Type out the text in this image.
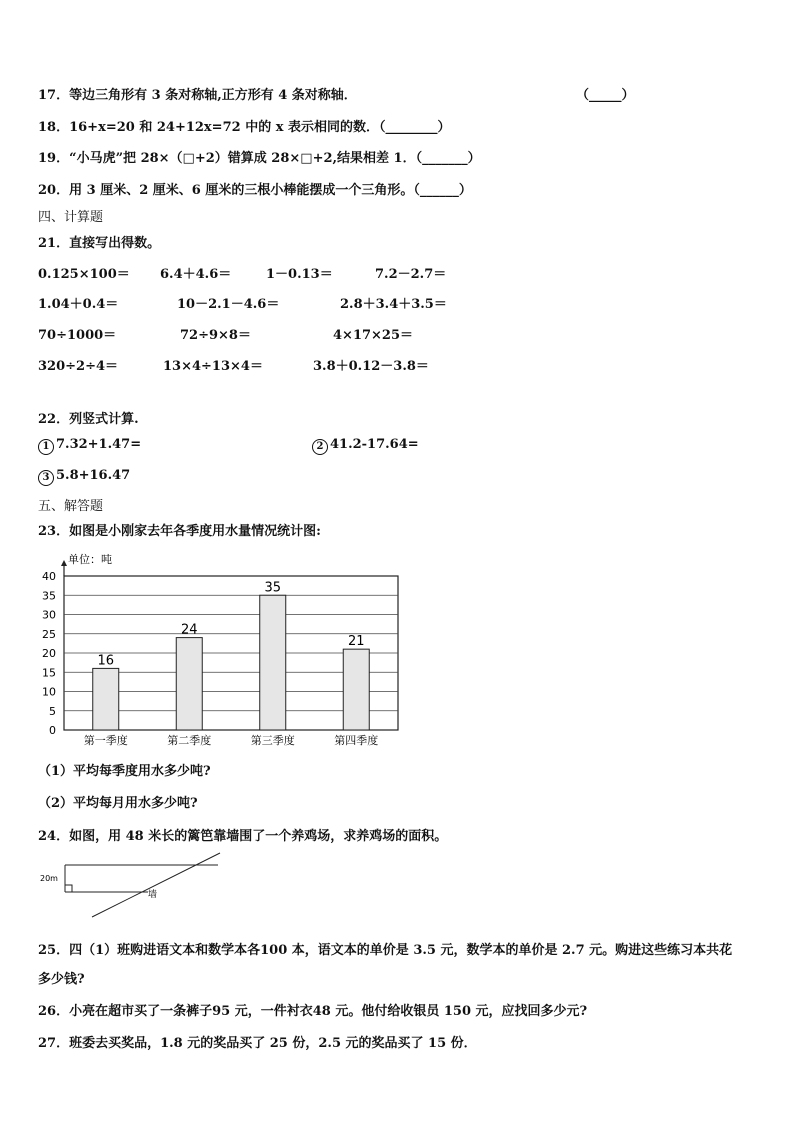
17．等边三角形有 3 条对称轴,正方形有 4 条对称轴．	（_____）
18．16+x=20 和 24+12x=72 中的 x 表示相同的数．（________）
19．“小马虎”把 28×（□+2）错算成 28×□+2,结果相差 1．（_______）
20．用 3 厘米、2 厘米、6 厘米的三根小棒能摆成一个三角形。（______）
四、计算题
21．直接写出得数。
0.125×100＝ 6.4＋4.6＝	1－0.13＝	7.2－2.7＝
1.04＋0.4＝	10－2.1－4.6＝	2.8＋3.4＋3.5＝
70÷1000＝	72÷9×8＝	4×17×25＝
320÷2÷4＝	13×4÷13×4＝	3.8＋0.12－3.8＝
22．列竖式计算.
1 7.32+1.47=	2 41.2-17.64=
3 5.8+16.47
五、解答题
23．如图是小刚家去年各季度用水量情况统计图:
0
5
10
15
20
25
30
35
40
16
第一季度
24
第二季度
35
第三季度
21
第四季度
单位：吨
（1）平均每季度用水多少吨?
（2）平均每月用水多少吨?
24．如图，用 48 米长的篱笆靠墙围了一个养鸡场，求养鸡场的面积。
20m
墙
25．四（1）班购进语文本和数学本各100 本，语文本的单价是 3.5 元，数学本的单价是 2.7 元。购进这些练习本共花
多少钱?
26．小亮在超市买了一条裤子95 元，一件衬衣48 元。他付给收银员 150 元，应找回多少元?
27．班委去买奖品，1.8 元的奖品买了 25 份，2.5 元的奖品买了 15 份．
